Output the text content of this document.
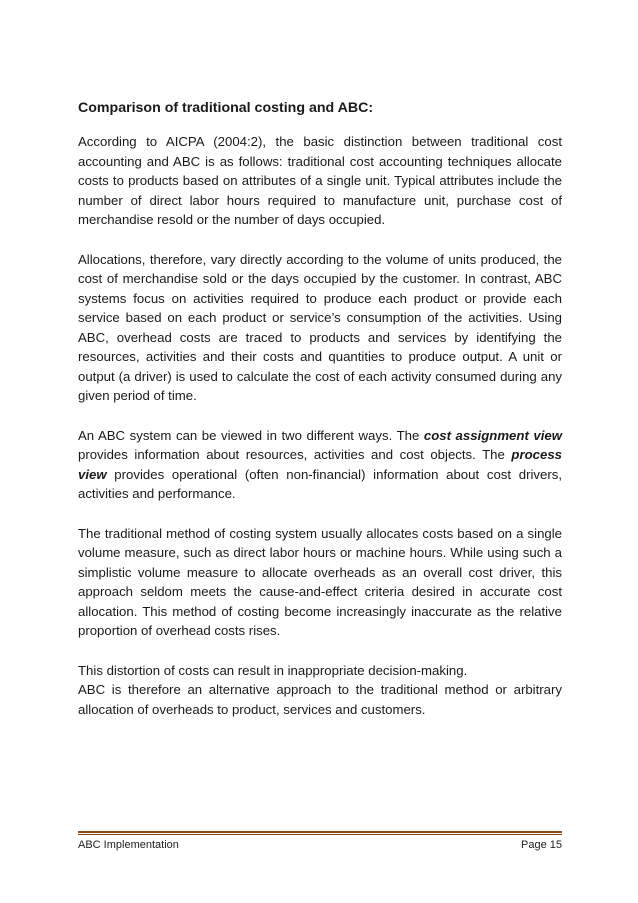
Comparison of traditional costing and ABC:

According to AICPA (2004:2), the basic distinction between traditional cost accounting and ABC is as follows: traditional cost accounting techniques allocate costs to products based on attributes of a single unit. Typical attributes include the number of direct labor hours required to manufacture unit, purchase cost of merchandise resold or the number of days occupied.

Allocations, therefore, vary directly according to the volume of units produced, the cost of merchandise sold or the days occupied by the customer. In contrast, ABC systems focus on activities required to produce each product or provide each service based on each product or service’s consumption of the activities. Using ABC, overhead costs are traced to products and services by identifying the resources, activities and their costs and quantities to produce output. A unit or output (a driver) is used to calculate the cost of each activity consumed during any given period of time.

An ABC system can be viewed in two different ways. The cost assignment view provides information about resources, activities and cost objects. The process view provides operational (often non-financial) information about cost drivers, activities and performance.

The traditional method of costing system usually allocates costs based on a single volume measure, such as direct labor hours or machine hours. While using such a simplistic volume measure to allocate overheads as an overall cost driver, this approach seldom meets the cause-and-effect criteria desired in accurate cost allocation. This method of costing become increasingly inaccurate as the relative proportion of overhead costs rises.

This distortion of costs can result in inappropriate decision-making.

ABC is therefore an alternative approach to the traditional method or arbitrary allocation of overheads to product, services and customers.

ABC Implementation	Page 15
